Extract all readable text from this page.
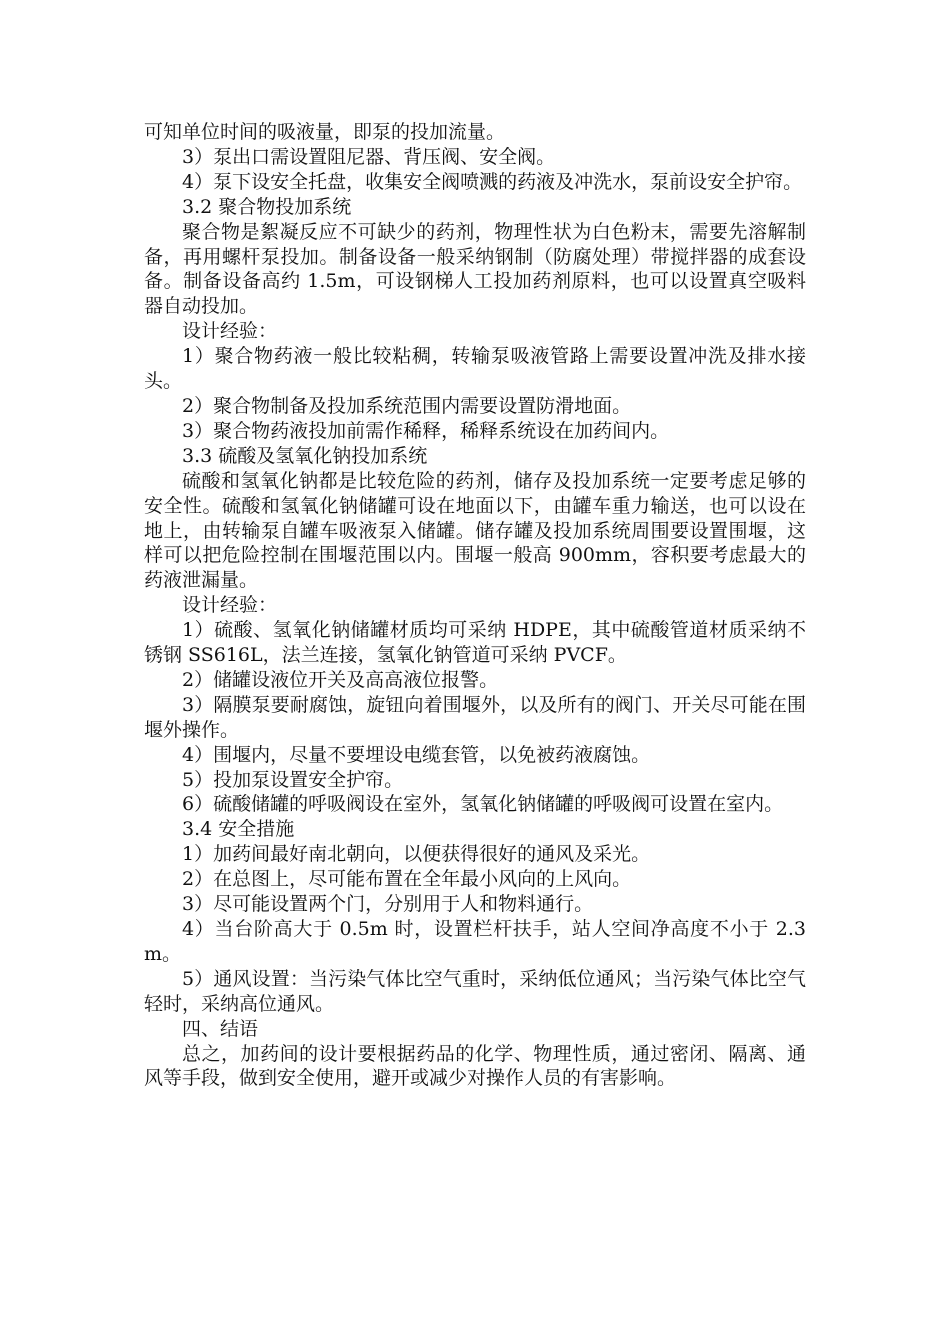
可知单位时间的吸液量，即泵的投加流量。

3）泵出口需设置阻尼器、背压阀、安全阀。

4）泵下设安全托盘，收集安全阀喷溅的药液及冲洗水，泵前设安全护帘。

3.2 聚合物投加系统

聚合物是絮凝反应不可缺少的药剂，物理性状为白色粉末，需要先溶解制备，再用螺杆泵投加。制备设备一般采纳钢制（防腐处理）带搅拌器的成套设备。制备设备高约 1.5m，可设钢梯人工投加药剂原料，也可以设置真空吸料器自动投加。

设计经验：

1）聚合物药液一般比较粘稠，转输泵吸液管路上需要设置冲洗及排水接头。

2）聚合物制备及投加系统范围内需要设置防滑地面。

3）聚合物药液投加前需作稀释，稀释系统设在加药间内。

3.3 硫酸及氢氧化钠投加系统

硫酸和氢氧化钠都是比较危险的药剂，储存及投加系统一定要考虑足够的安全性。硫酸和氢氧化钠储罐可设在地面以下，由罐车重力输送，也可以设在地上，由转输泵自罐车吸液泵入储罐。储存罐及投加系统周围要设置围堰，这样可以把危险控制在围堰范围以内。围堰一般高 900mm，容积要考虑最大的药液泄漏量。

设计经验：

1）硫酸、氢氧化钠储罐材质均可采纳 HDPE，其中硫酸管道材质采纳不锈钢 SS616L，法兰连接，氢氧化钠管道可采纳 PVCF。

2）储罐设液位开关及高高液位报警。

3）隔膜泵要耐腐蚀，旋钮向着围堰外，以及所有的阀门、开关尽可能在围堰外操作。

4）围堰内，尽量不要埋设电缆套管，以免被药液腐蚀。

5）投加泵设置安全护帘。

6）硫酸储罐的呼吸阀设在室外，氢氧化钠储罐的呼吸阀可设置在室内。

3.4 安全措施

1）加药间最好南北朝向，以便获得很好的通风及采光。

2）在总图上，尽可能布置在全年最小风向的上风向。

3）尽可能设置两个门，分别用于人和物料通行。

4）当台阶高大于 0.5m 时，设置栏杆扶手，站人空间净高度不小于 2.3m。

5）通风设置：当污染气体比空气重时，采纳低位通风；当污染气体比空气轻时，采纳高位通风。

四、结语

总之，加药间的设计要根据药品的化学、物理性质，通过密闭、隔离、通风等手段，做到安全使用，避开或减少对操作人员的有害影响。
